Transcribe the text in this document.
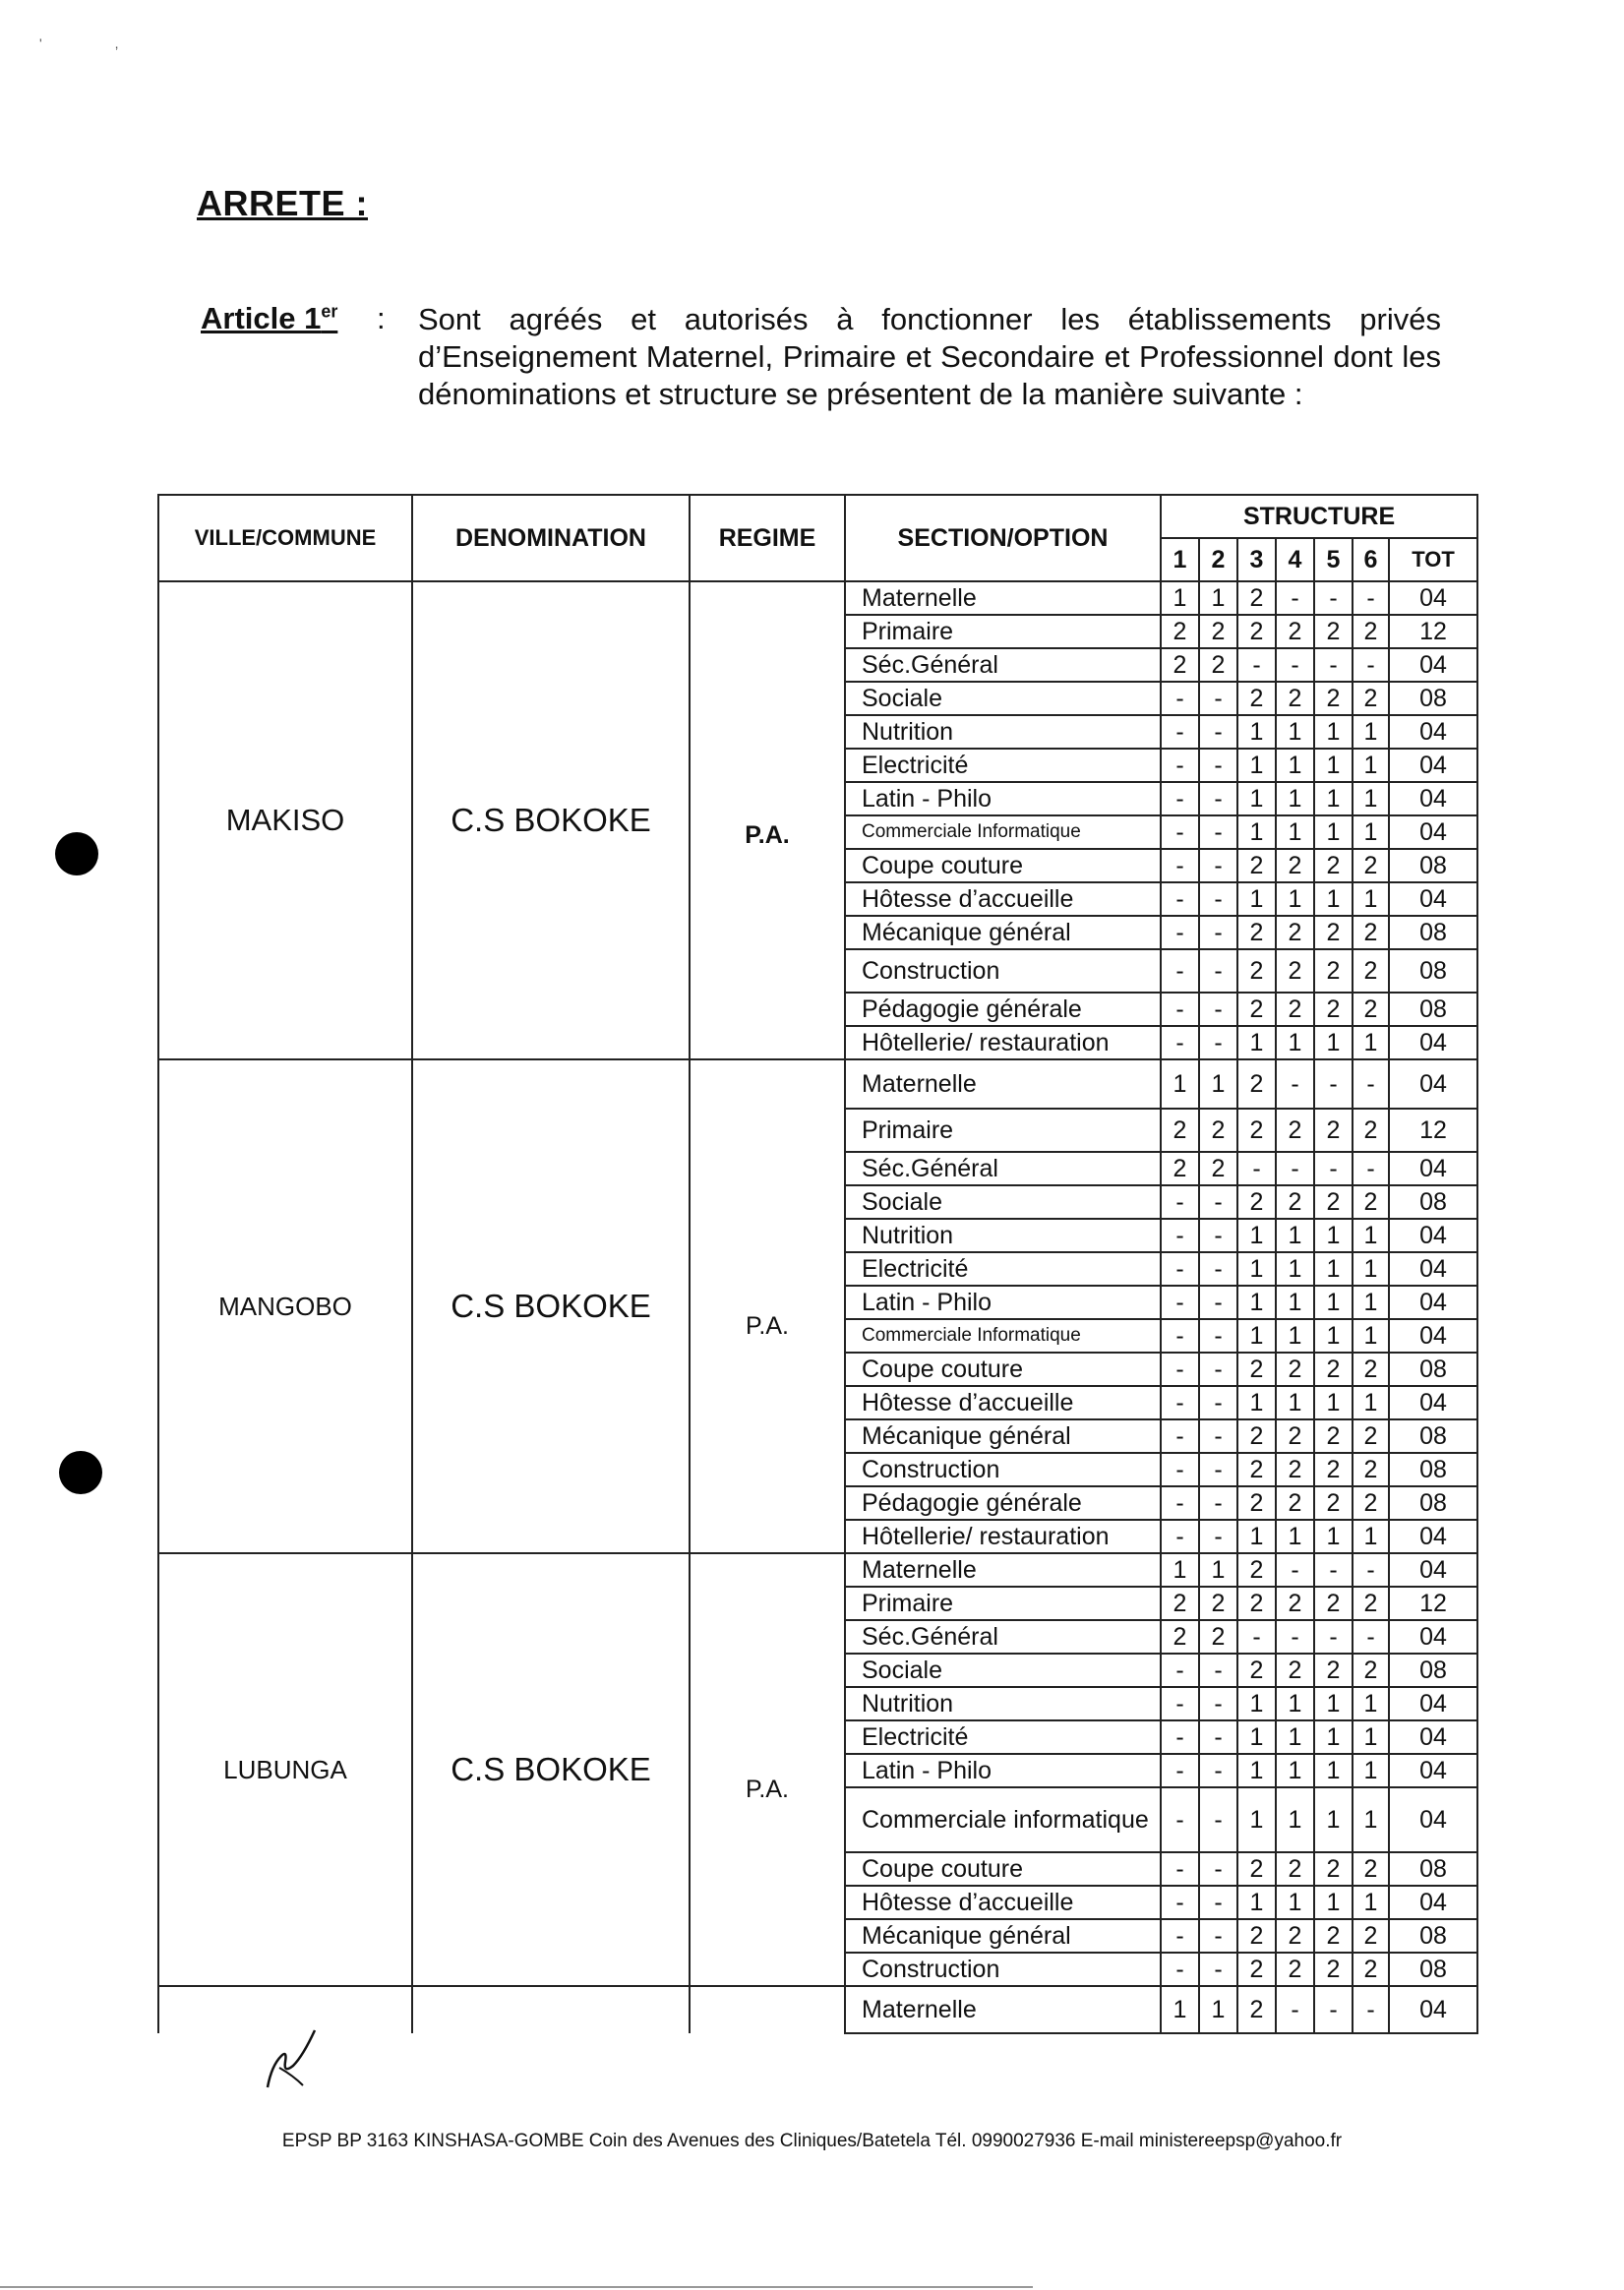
'                   ,
ARRETE :
Article 1er : Sont agréés et autorisés à fonctionner les établissements privés d’Enseignement Maternel, Primaire et Secondaire et Professionnel dont les dénominations et structure se présentent de la manière suivante :
VILLE/COMMUNE	DENOMINATION	REGIME	SECTION/OPTION	STRUCTURE						
				1	2	3	4	5	6	TOT
MAKISO	C.S BOKOKE	P.A.	Maternelle	1	1	2	-	-	-	04
			Primaire	2	2	2	2	2	2	12
			Séc.Général	2	2	-	-	-	-	04
			Sociale	-	-	2	2	2	2	08
			Nutrition	-	-	1	1	1	1	04
			Electricité	-	-	1	1	1	1	04
			Latin - Philo	-	-	1	1	1	1	04
			Commerciale Informatique	-	-	1	1	1	1	04
			Coupe couture	-	-	2	2	2	2	08
			Hôtesse d’accueille	-	-	1	1	1	1	04
			Mécanique général	-	-	2	2	2	2	08
			Construction	-	-	2	2	2	2	08
			Pédagogie générale	-	-	2	2	2	2	08
			Hôtellerie/ restauration	-	-	1	1	1	1	04
MANGOBO	C.S BOKOKE	P.A.	Maternelle	1	1	2	-	-	-	04
			Primaire	2	2	2	2	2	2	12
			Séc.Général	2	2	-	-	-	-	04
			Sociale	-	-	2	2	2	2	08
			Nutrition	-	-	1	1	1	1	04
			Electricité	-	-	1	1	1	1	04
			Latin - Philo	-	-	1	1	1	1	04
			Commerciale Informatique	-	-	1	1	1	1	04
			Coupe couture	-	-	2	2	2	2	08
			Hôtesse d’accueille	-	-	1	1	1	1	04
			Mécanique général	-	-	2	2	2	2	08
			Construction	-	-	2	2	2	2	08
			Pédagogie générale	-	-	2	2	2	2	08
			Hôtellerie/ restauration	-	-	1	1	1	1	04
LUBUNGA	C.S BOKOKE	P.A.	Maternelle	1	1	2	-	-	-	04
			Primaire	2	2	2	2	2	2	12
			Séc.Général	2	2	-	-	-	-	04
			Sociale	-	-	2	2	2	2	08
			Nutrition	-	-	1	1	1	1	04
			Electricité	-	-	1	1	1	1	04
			Latin - Philo	-	-	1	1	1	1	04
			Commerciale informatique	-	-	1	1	1	1	04
			Coupe couture	-	-	2	2	2	2	08
			Hôtesse d’accueille	-	-	1	1	1	1	04
			Mécanique général	-	-	2	2	2	2	08
			Construction	-	-	2	2	2	2	08
			Maternelle	1	1	2	-	-	-	04
EPSP BP 3163 KINSHASA-GOMBE Coin des Avenues des Cliniques/Batetela Tél. 0990027936 E-mail ministereepsp@yahoo.fr
